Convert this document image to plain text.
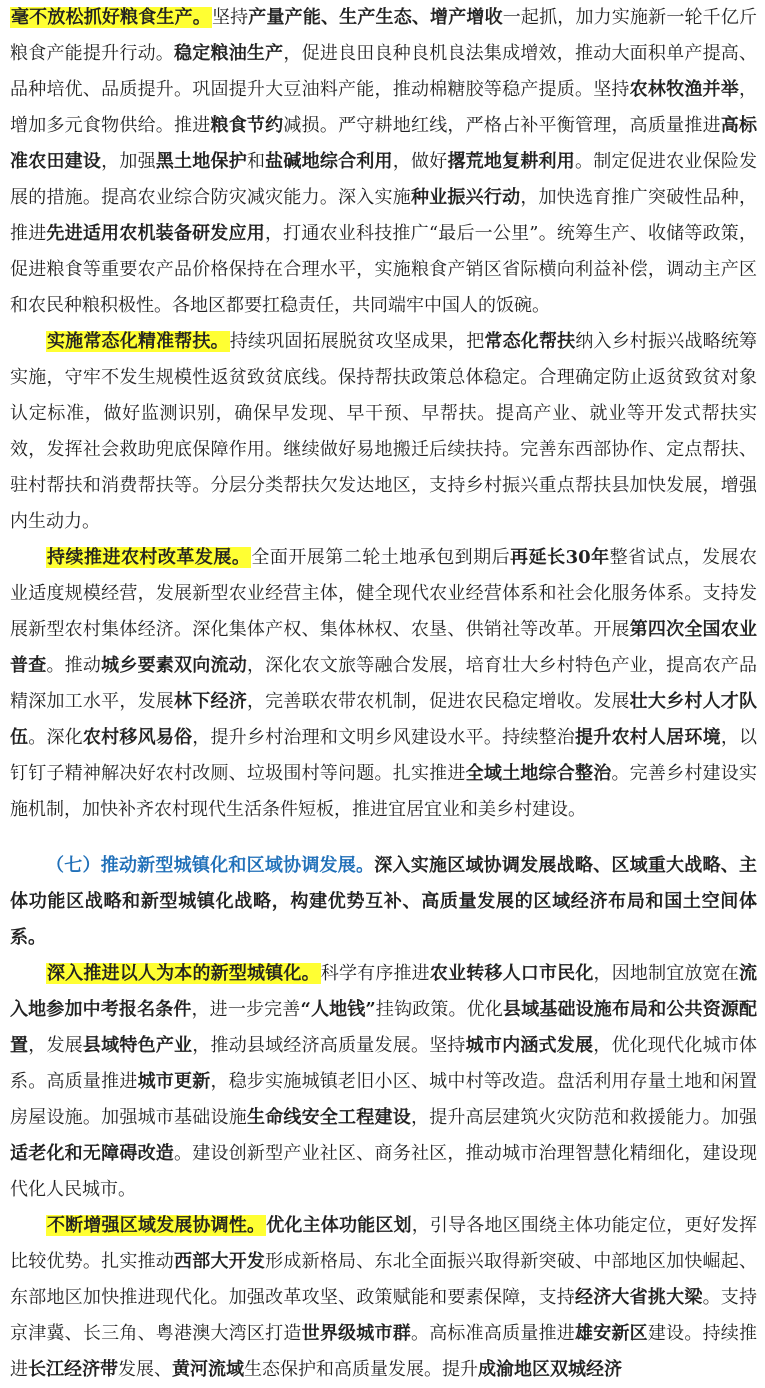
毫不放松抓好粮食生产。坚持产量产能、生产生态、增产增收一起抓，加力实施新一轮千亿斤粮食产能提升行动。稳定粮油生产，促进良田良种良机良法集成增效，推动大面积单产提高、品种培优、品质提升。巩固提升大豆油料产能，推动棉糖胶等稳产提质。坚持农林牧渔并举，增加多元食物供给。推进粮食节约减损。严守耕地红线，严格占补平衡管理，高质量推进高标准农田建设，加强黑土地保护和盐碱地综合利用，做好撂荒地复耕利用。制定促进农业保险发展的措施。提高农业综合防灾减灾能力。深入实施种业振兴行动，加快选育推广突破性品种，推进先进适用农机装备研发应用，打通农业科技推广“最后一公里”。统筹生产、收储等政策，促进粮食等重要农产品价格保持在合理水平，实施粮食产销区省际横向利益补偿，调动主产区和农民种粮积极性。各地区都要扛稳责任，共同端牢中国人的饭碗。

实施常态化精准帮扶。持续巩固拓展脱贫攻坚成果，把常态化帮扶纳入乡村振兴战略统筹实施，守牢不发生规模性返贫致贫底线。保持帮扶政策总体稳定。合理确定防止返贫致贫对象认定标准，做好监测识别，确保早发现、早干预、早帮扶。提高产业、就业等开发式帮扶实效，发挥社会救助兜底保障作用。继续做好易地搬迁后续扶持。完善东西部协作、定点帮扶、驻村帮扶和消费帮扶等。分层分类帮扶欠发达地区，支持乡村振兴重点帮扶县加快发展，增强内生动力。

持续推进农村改革发展。全面开展第二轮土地承包到期后再延长30年整省试点，发展农业适度规模经营，发展新型农业经营主体，健全现代农业经营体系和社会化服务体系。支持发展新型农村集体经济。深化集体产权、集体林权、农垦、供销社等改革。开展第四次全国农业普查。推动城乡要素双向流动，深化农文旅等融合发展，培育壮大乡村特色产业，提高农产品精深加工水平，发展林下经济，完善联农带农机制，促进农民稳定增收。发展壮大乡村人才队伍。深化农村移风易俗，提升乡村治理和文明乡风建设水平。持续整治提升农村人居环境，以钉钉子精神解决好农村改厕、垃圾围村等问题。扎实推进全域土地综合整治。完善乡村建设实施机制，加快补齐农村现代生活条件短板，推进宜居宜业和美乡村建设。

（七）推动新型城镇化和区域协调发展。深入实施区域协调发展战略、区域重大战略、主体功能区战略和新型城镇化战略，构建优势互补、高质量发展的区域经济布局和国土空间体系。

深入推进以人为本的新型城镇化。科学有序推进农业转移人口市民化，因地制宜放宽在流入地参加中考报名条件，进一步完善“人地钱”挂钩政策。优化县域基础设施布局和公共资源配置，发展县域特色产业，推动县域经济高质量发展。坚持城市内涵式发展，优化现代化城市体系。高质量推进城市更新，稳步实施城镇老旧小区、城中村等改造。盘活利用存量土地和闲置房屋设施。加强城市基础设施生命线安全工程建设，提升高层建筑火灾防范和救援能力。加强适老化和无障碍改造。建设创新型产业社区、商务社区，推动城市治理智慧化精细化，建设现代化人民城市。

不断增强区域发展协调性。优化主体功能区划，引导各地区围绕主体功能定位，更好发挥比较优势。扎实推动西部大开发形成新格局、东北全面振兴取得新突破、中部地区加快崛起、东部地区加快推进现代化。加强改革攻坚、政策赋能和要素保障，支持经济大省挑大梁。支持京津冀、长三角、粤港澳大湾区打造世界级城市群。高标准高质量推进雄安新区建设。持续推进长江经济带发展、黄河流域生态保护和高质量发展。提升成渝地区双城经济
